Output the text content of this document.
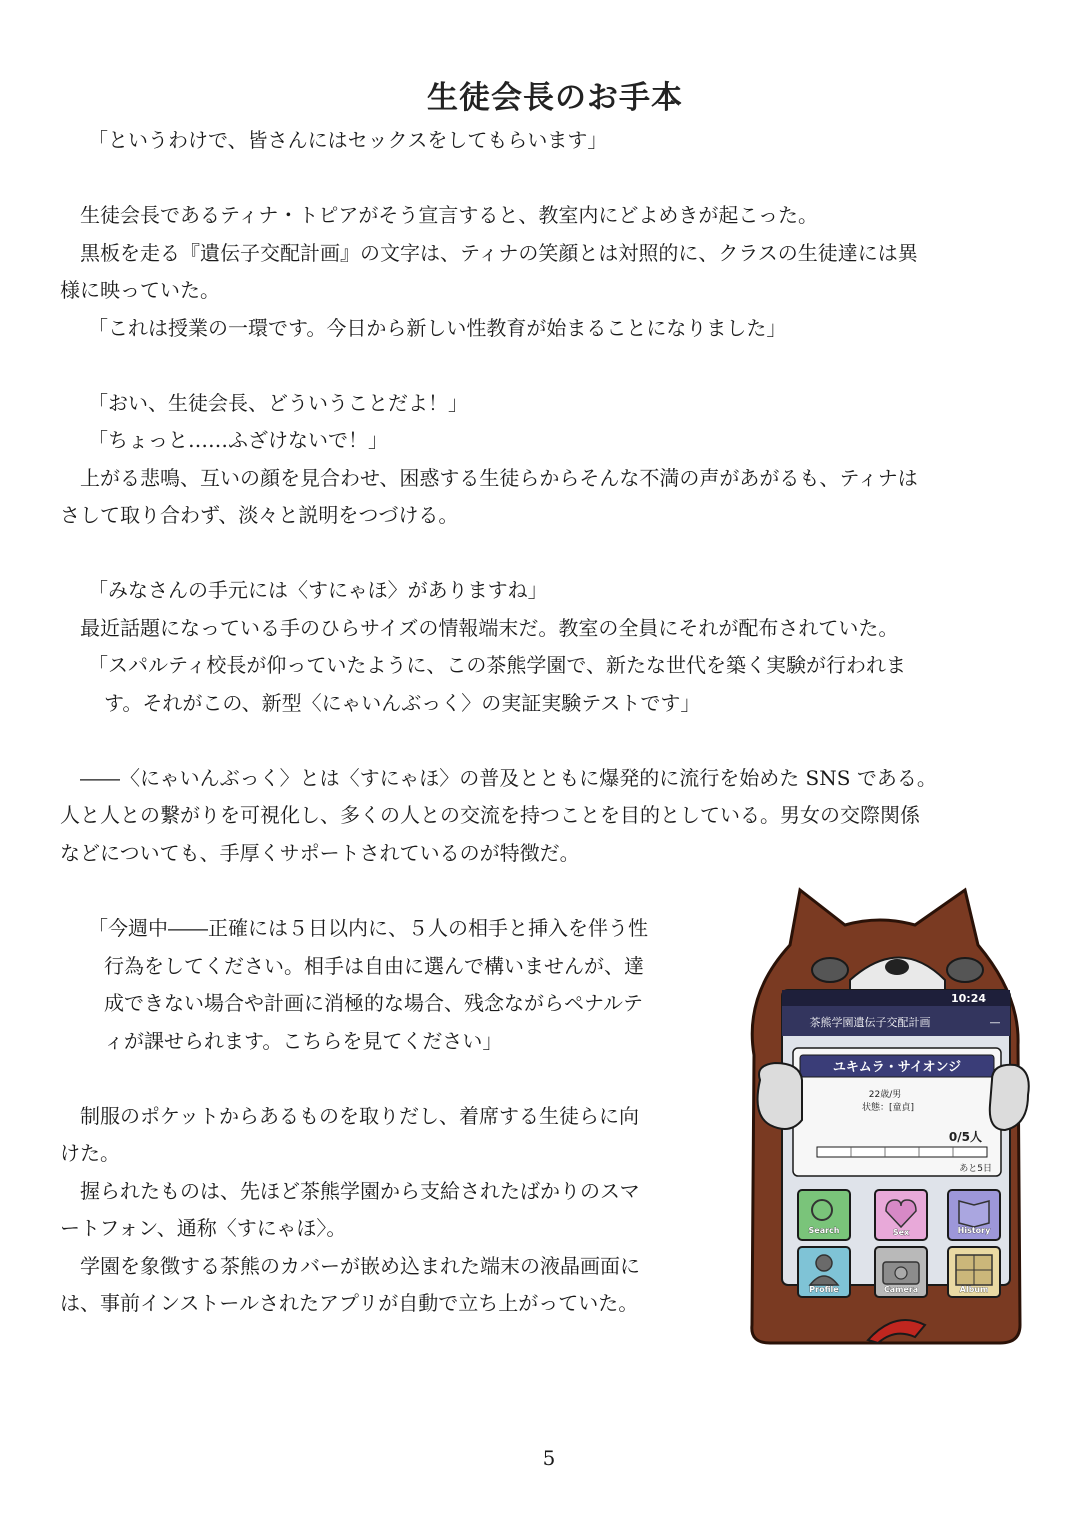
生徒会長のお手本

「というわけで、皆さんにはセックスをしてもらいます」

生徒会長であるティナ・トピアがそう宣言すると、教室内にどよめきが起こった。

黒板を走る『遺伝子交配計画』の文字は、ティナの笑顔とは対照的に、クラスの生徒達には異

様に映っていた。

「これは授業の一環です。今日から新しい性教育が始まることになりました」

「おい、生徒会長、どういうことだよ！」

「ちょっと……ふざけないで！」

上がる悲鳴、互いの顔を見合わせ、困惑する生徒らからそんな不満の声があがるも、ティナは

さして取り合わず、淡々と説明をつづける。

「みなさんの手元には〈すにゃほ〉がありますね」

最近話題になっている手のひらサイズの情報端末だ。教室の全員にそれが配布されていた。

「スパルティ校長が仰っていたように、この茶熊学園で、新たな世代を築く実験が行われま

す。それがこの、新型〈にゃいんぶっく〉の実証実験テストです」

――〈にゃいんぶっく〉とは〈すにゃほ〉の普及とともに爆発的に流行を始めた SNS である。

人と人との繋がりを可視化し、多くの人との交流を持つことを目的としている。男女の交際関係

などについても、手厚くサポートされているのが特徴だ。

「今週中――正確には５日以内に、５人の相手と挿入を伴う性

行為をしてください。相手は自由に選んで構いませんが、達

成できない場合や計画に消極的な場合、残念ながらペナルテ

ィが課せられます。こちらを見てください」

制服のポケットからあるものを取りだし、着席する生徒らに向

けた。

握られたものは、先ほど茶熊学園から支給されたばかりのスマ

ートフォン、通称〈すにゃほ〉。

学園を象徴する茶熊のカバーが嵌め込まれた端末の液晶画面に

は、事前インストールされたアプリが自動で立ち上がっていた。

10:24
茶熊学園遺伝子交配計画	—
ユキムラ・サイオンジ
22歳/男
状態：[童貞]
0/5人
あと5日
Search	Sex	History
Profile	Camera	Album
5
